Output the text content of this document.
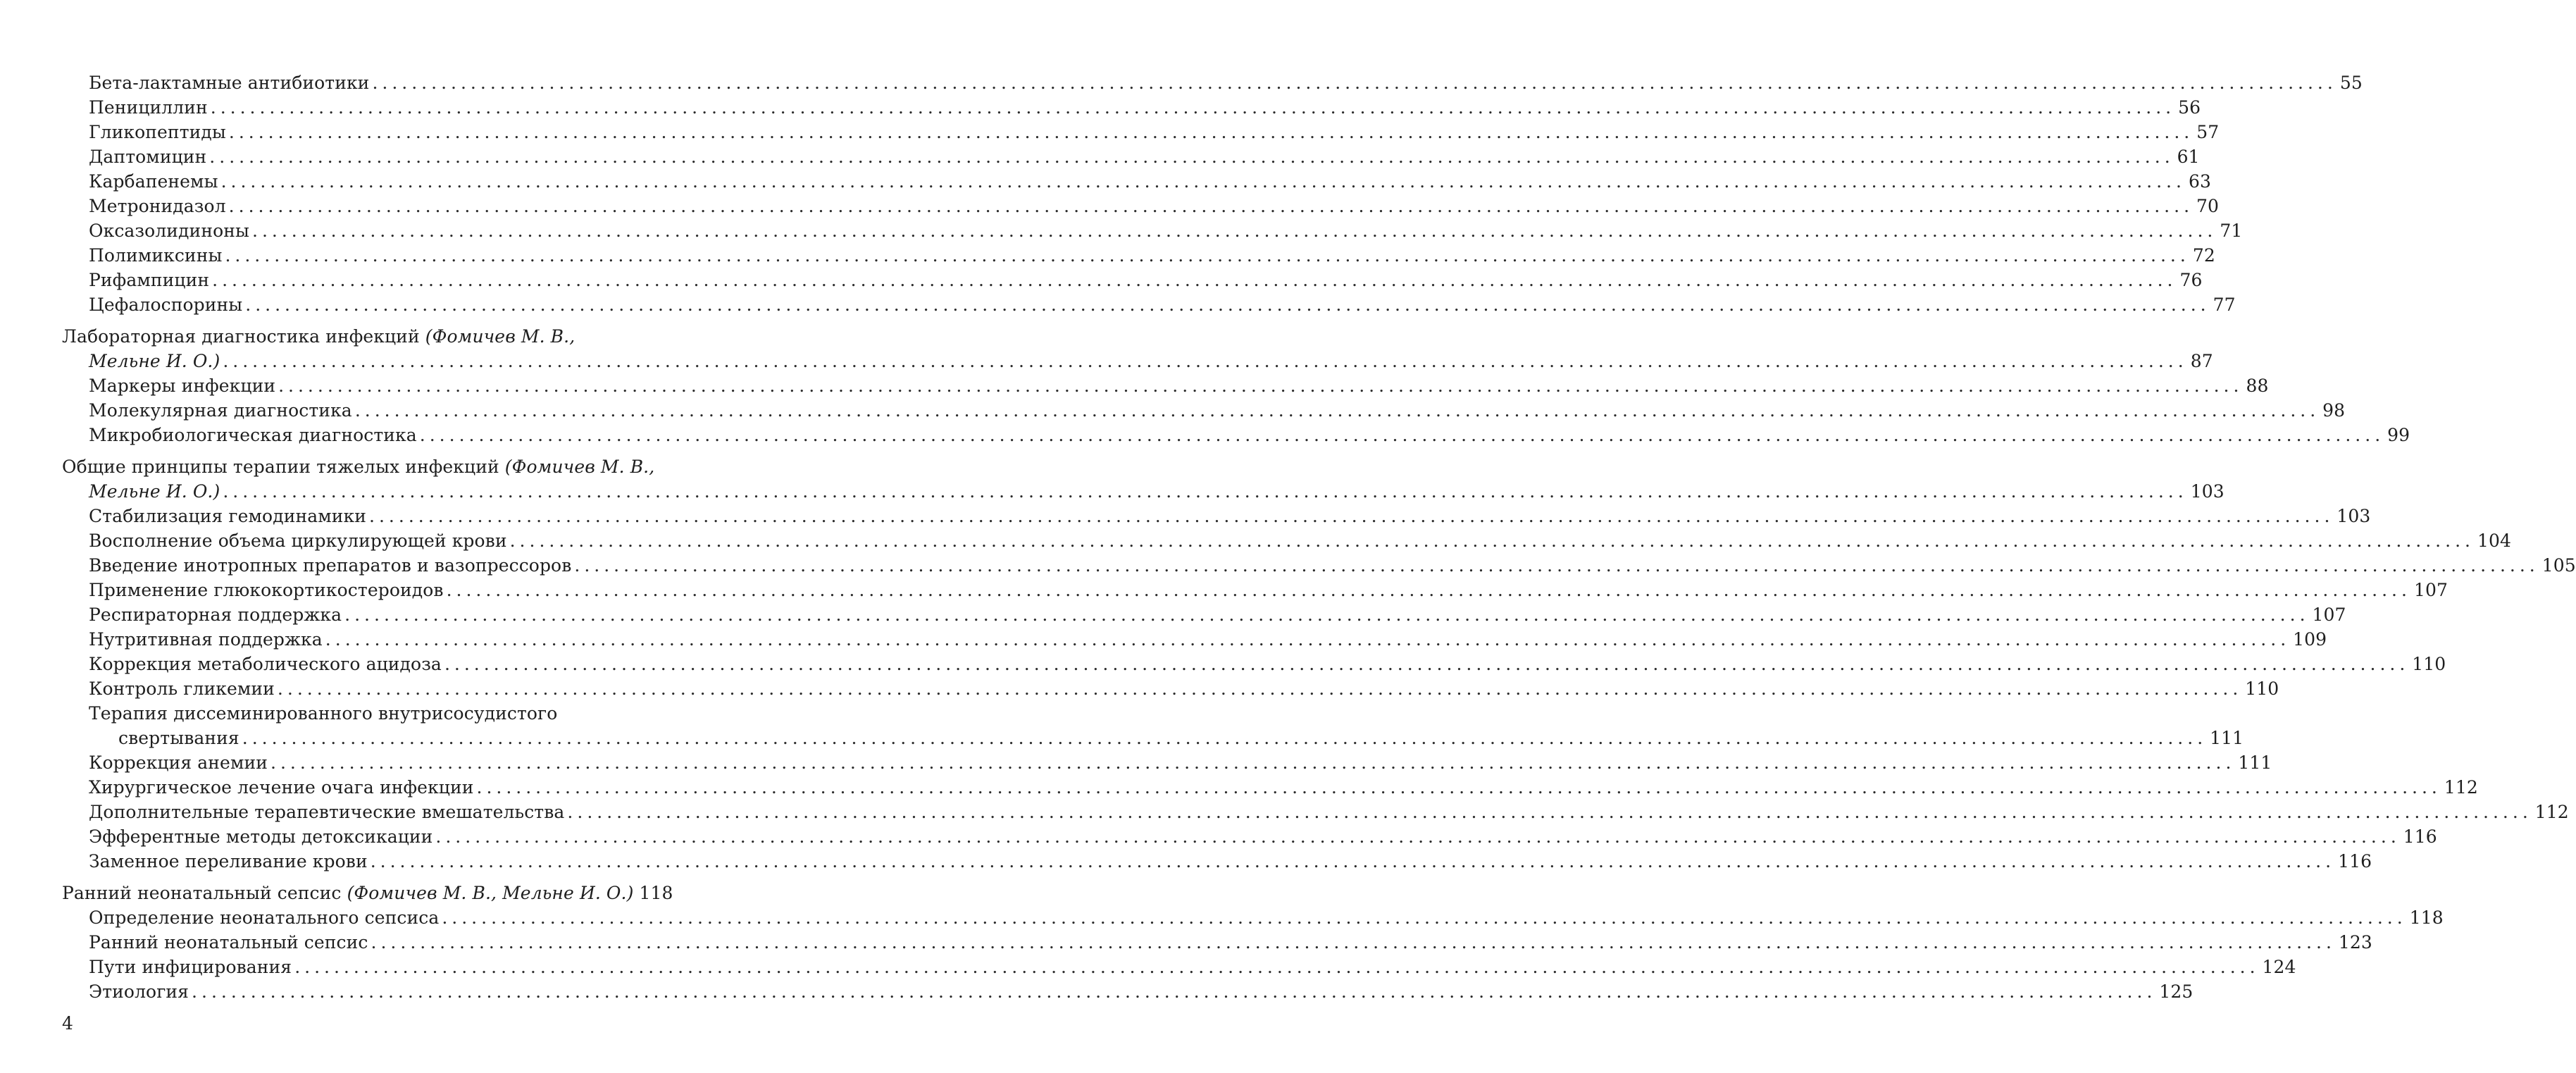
Бета-лактамные антибиотики ........................................................................................................................................................................................................ 55
Пенициллин ........................................................................................................................................................................................................ 56
Гликопептиды ........................................................................................................................................................................................................ 57
Даптомицин ........................................................................................................................................................................................................ 61
Карбапенемы ........................................................................................................................................................................................................ 63
Метронидазол ........................................................................................................................................................................................................ 70
Оксазолидиноны ........................................................................................................................................................................................................ 71
Полимиксины ........................................................................................................................................................................................................ 72
Рифампицин ........................................................................................................................................................................................................ 76
Цефалоспорины ........................................................................................................................................................................................................ 77
Лабораторная диагностика инфекций (Фомичев М. В.,
Мельне И. О.) ........................................................................................................................................................................................................ 87
Маркеры инфекции ........................................................................................................................................................................................................ 88
Молекулярная диагностика ........................................................................................................................................................................................................ 98
Микробиологическая диагностика ........................................................................................................................................................................................................ 99
Общие принципы терапии тяжелых инфекций (Фомичев М. В.,
Мельне И. О.) ........................................................................................................................................................................................................ 103
Стабилизация гемодинамики ........................................................................................................................................................................................................ 103
Восполнение объема циркулирующей крови ........................................................................................................................................................................................................ 104
Введение инотропных препаратов и вазопрессоров ........................................................................................................................................................................................................ 105
Применение глюкокортикостероидов ........................................................................................................................................................................................................ 107
Респираторная поддержка ........................................................................................................................................................................................................ 107
Нутритивная поддержка ........................................................................................................................................................................................................ 109
Коррекция метаболического ацидоза ........................................................................................................................................................................................................ 110
Контроль гликемии ........................................................................................................................................................................................................ 110
Терапия диссеминированного внутрисосудистого
свертывания ........................................................................................................................................................................................................ 111
Коррекция анемии ........................................................................................................................................................................................................ 111
Хирургическое лечение очага инфекции ........................................................................................................................................................................................................ 112
Дополнительные терапевтические вмешательства ........................................................................................................................................................................................................ 112
Эфферентные методы детоксикации ........................................................................................................................................................................................................ 116
Заменное переливание крови ........................................................................................................................................................................................................ 116
Ранний неонатальный сепсис (Фомичев М. В., Мельне И. О.) 118
Определение неонатального сепсиса ........................................................................................................................................................................................................ 118
Ранний неонатальный сепсис ........................................................................................................................................................................................................ 123
Пути инфицирования ........................................................................................................................................................................................................ 124
Этиология ........................................................................................................................................................................................................ 125
4
